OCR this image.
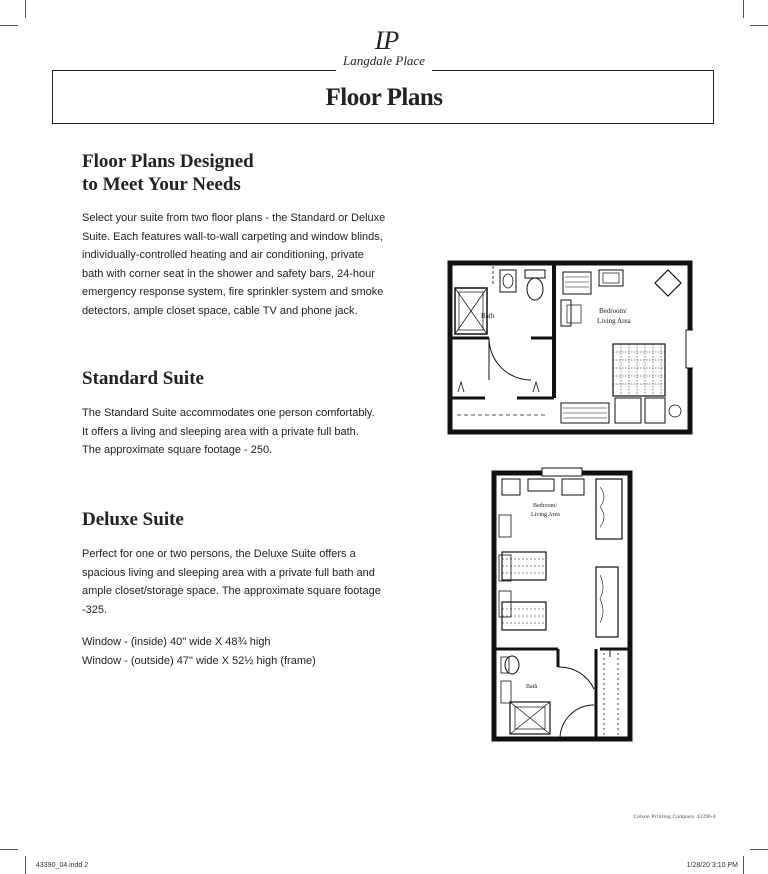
LP
Langdale Place
Floor Plans
Floor Plans Designed
to Meet Your Needs
Select your suite from two floor plans - the Standard or Deluxe
Suite. Each features wall-to-wall carpeting and window blinds,
individually-controlled heating and air conditioning, private
bath with corner seat in the shower and safety bars, 24-hour
emergency response system, fire sprinkler system and smoke
detectors, ample closet space, cable TV and phone jack.
Standard Suite
The Standard Suite accommodates one person comfortably.
It offers a living and sleeping area with a private full bath.
The approximate square footage - 250.
Deluxe Suite
Perfect for one or two persons, the Deluxe Suite offers a
spacious living and sleeping area with a private full bath and
ample closet/storage space. The approximate square footage
-325.
Window - (inside) 40" wide X 48¾ high
Window - (outside) 47" wide X 52½ high (frame)
Bath
Bedroom/
Living Area
Bedroom/
Living Area
Bath
Colson Printing Company 43390-4
43390_04.indd 2	1/28/20 3:10 PM
